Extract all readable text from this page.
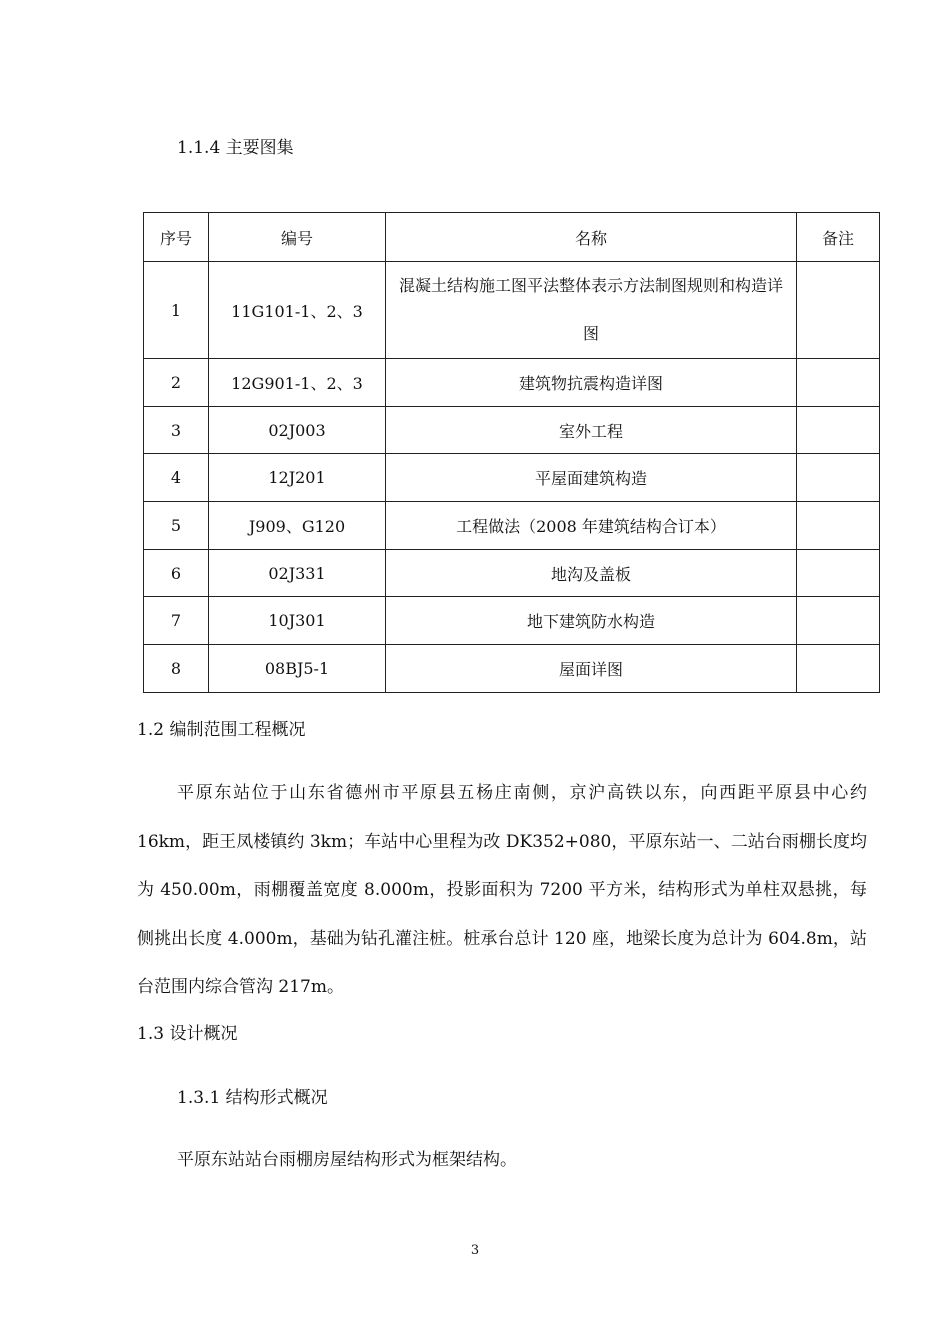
1.1.4 主要图集
序号	编号	名称	备注
1	11G101-1、2、3	混凝土结构施工图平法整体表示方法制图规则和构造详图	
2	12G901-1、2、3	建筑物抗震构造详图	
3	02J003	室外工程	
4	12J201	平屋面建筑构造	
5	J909、G120	工程做法（2008 年建筑结构合订本）	
6	02J331	地沟及盖板	
7	10J301	地下建筑防水构造	
8	08BJ5-1	屋面详图	
1.2 编制范围工程概况
平原东站位于山东省德州市平原县五杨庄南侧，京沪高铁以东，向西距平原县中心约 16km，距王凤楼镇约 3km；车站中心里程为改 DK352+080，平原东站一、二站台雨棚长度均为 450.00m，雨棚覆盖宽度 8.000m，投影面积为 7200 平方米，结构形式为单柱双悬挑，每侧挑出长度 4.000m，基础为钻孔灌注桩。桩承台总计 120 座，地梁长度为总计为 604.8m，站台范围内综合管沟 217m。
1.3 设计概况
1.3.1 结构形式概况
平原东站站台雨棚房屋结构形式为框架结构。
3
